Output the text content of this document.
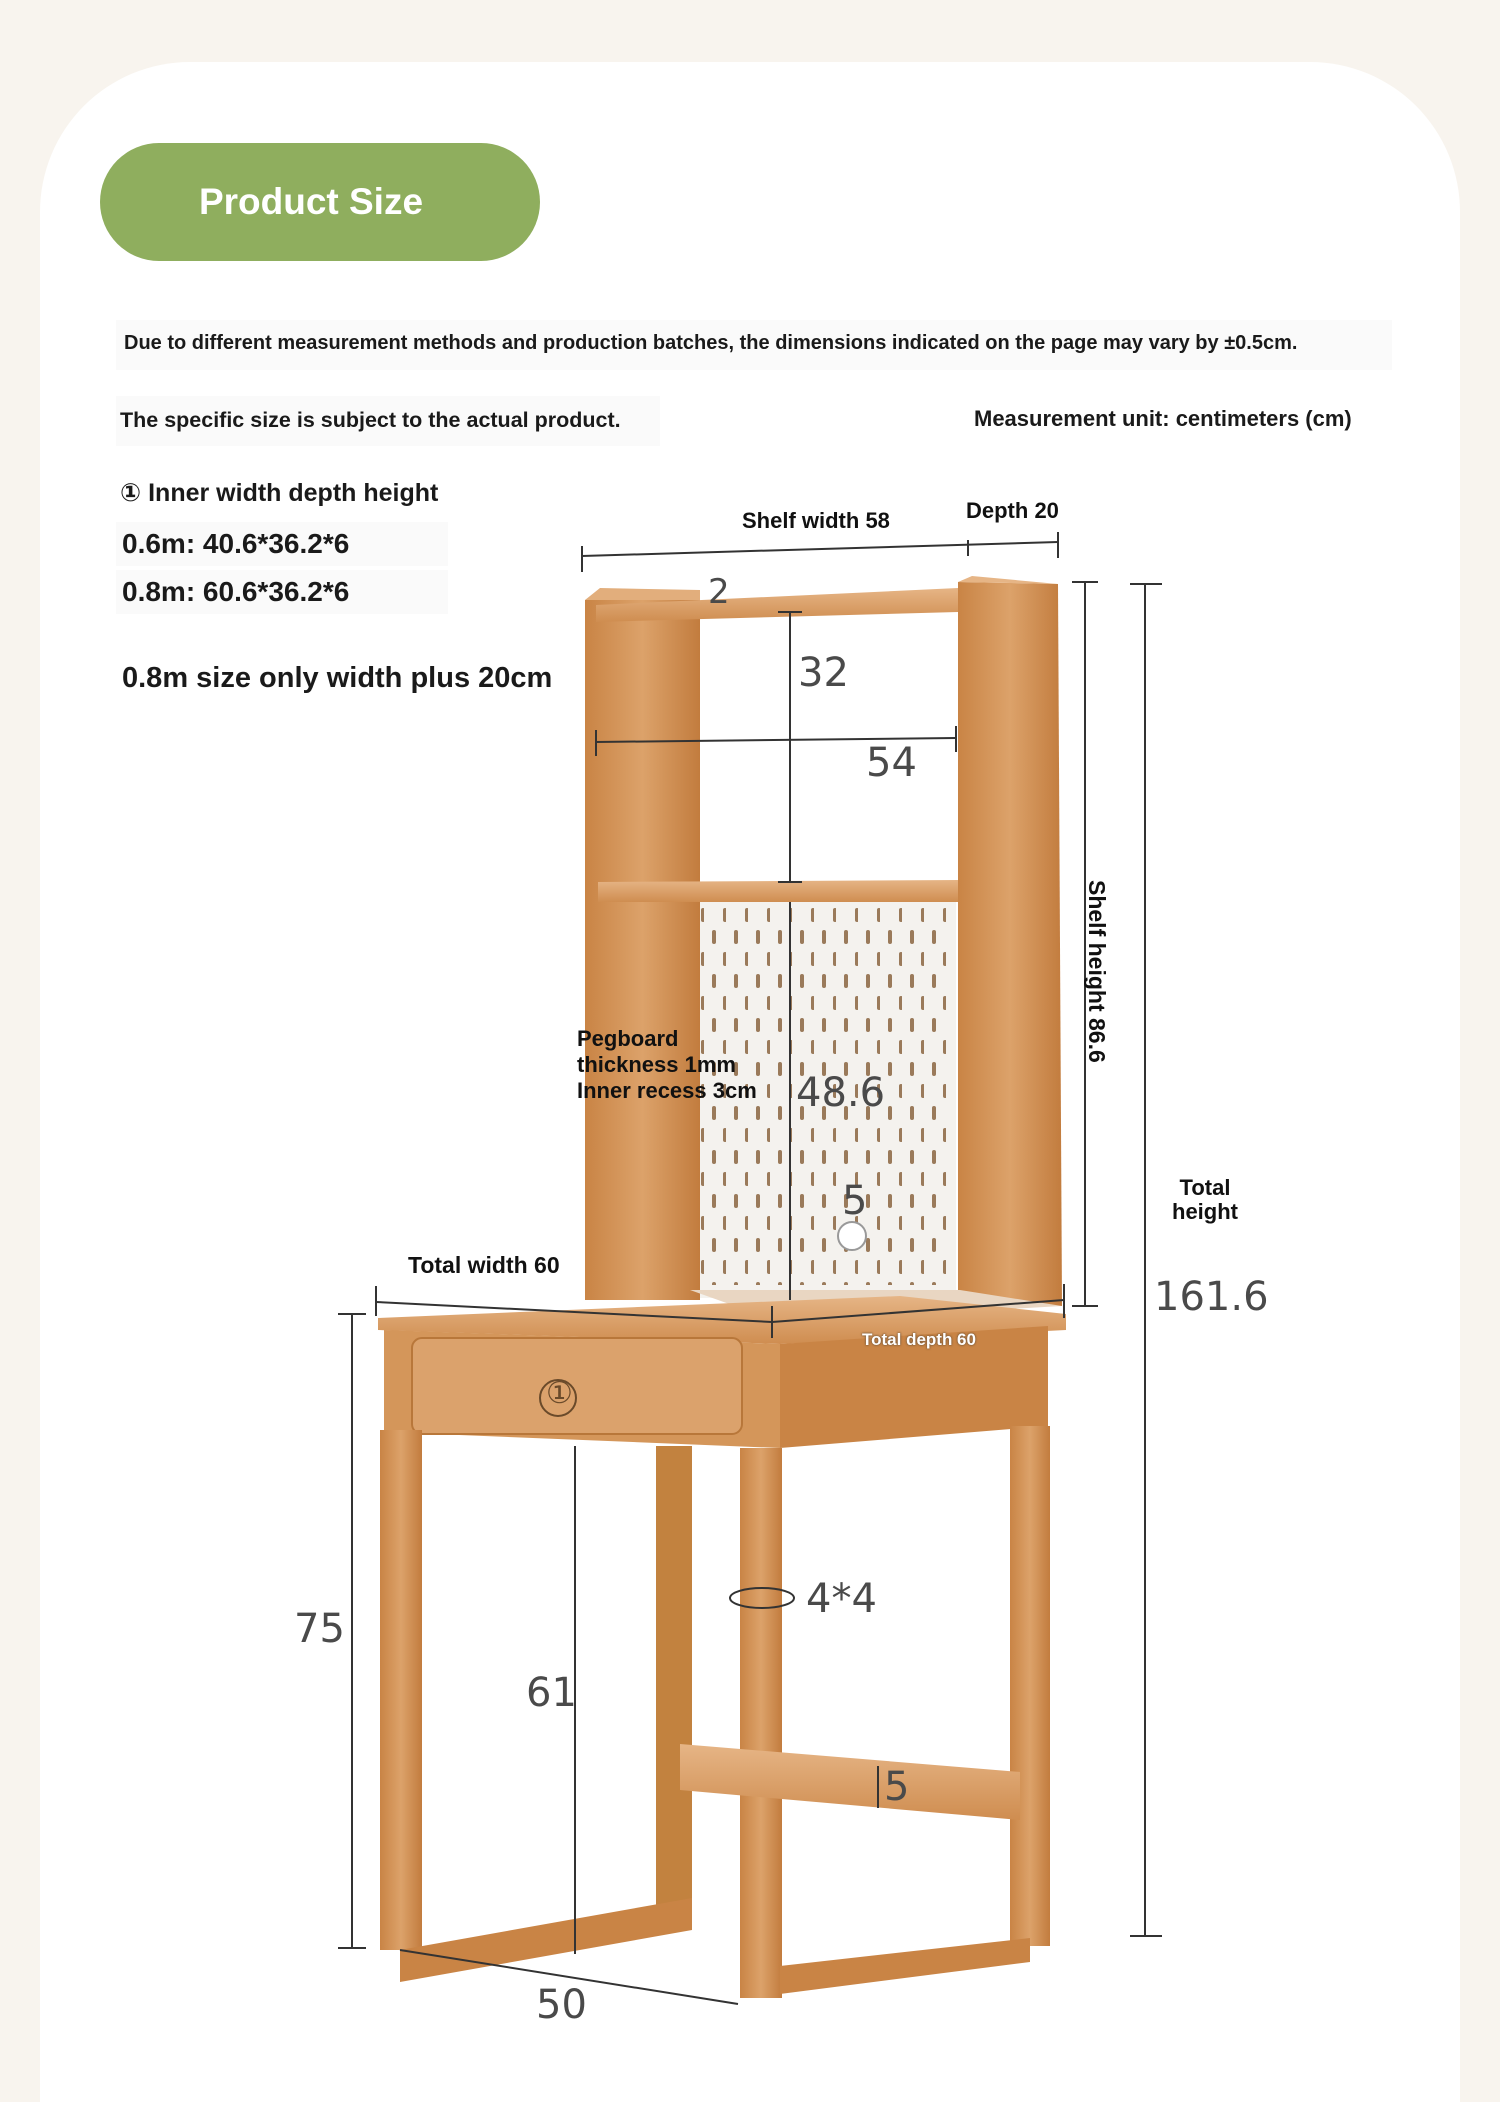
Product Size
Due to different measurement methods and production batches, the dimensions indicated on the page may vary by ±0.5cm.
The specific size is subject to the actual product.	Measurement unit: centimeters (cm)
① Inner width depth height
0.6m: 40.6*36.2*6
0.8m: 60.6*36.2*6
0.8m size only width plus 20cm
Shelf width 58	Depth 20
2
32
54
Shelf height 86.6
Pegboard
thickness 1mm
Inner recess 3cm 48.6
5	Total
height
161.6
Total width 60
Total depth 60
①
4*4
75
61
5
50
